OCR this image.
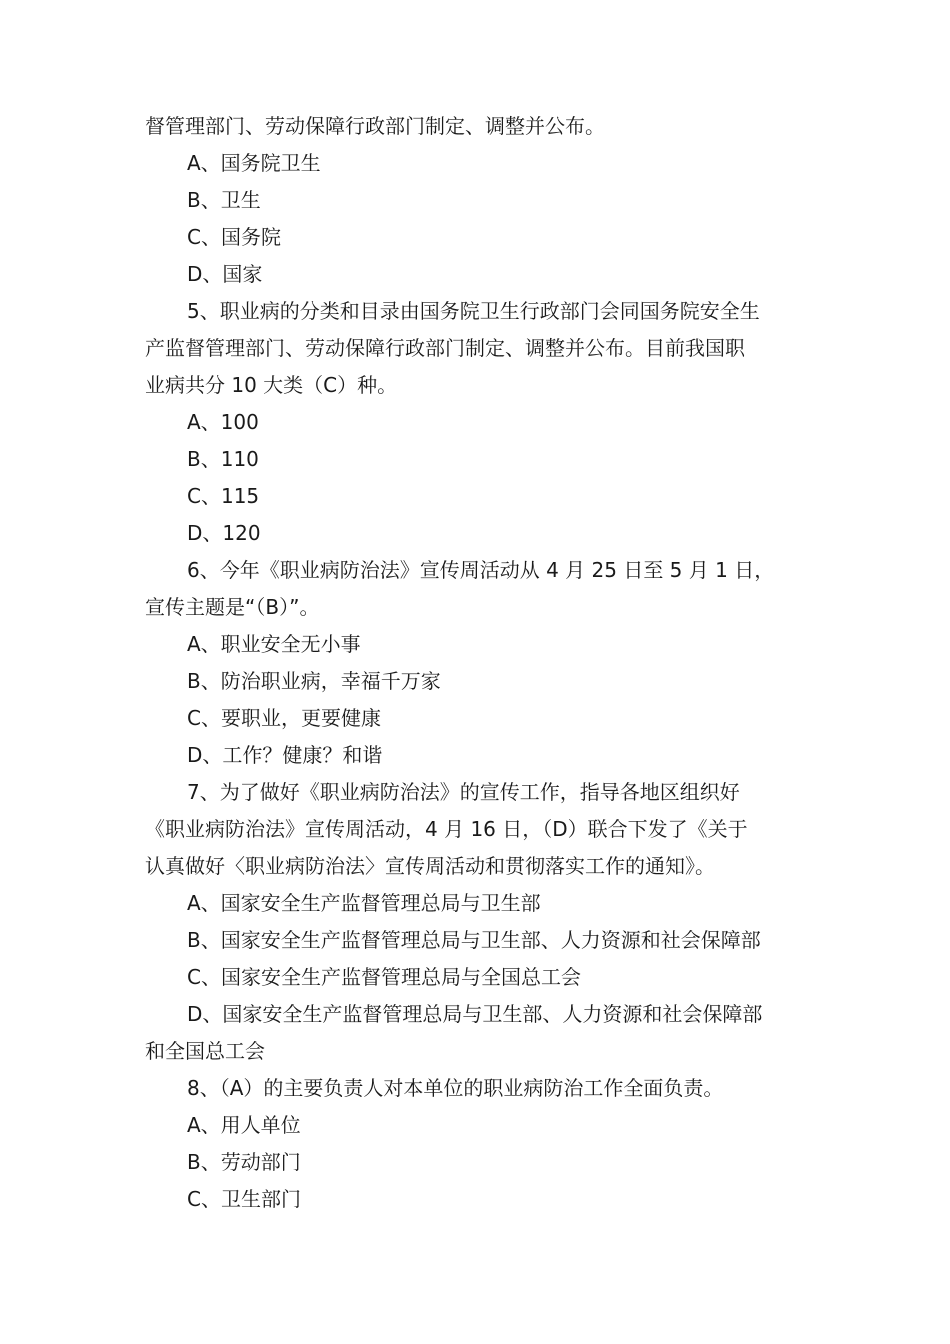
督管理部门、劳动保障行政部门制定、调整并公布。
A、国务院卫生
B、卫生
C、国务院
D、国家
5、职业病的分类和目录由国务院卫生行政部门会同国务院安全生
产监督管理部门、劳动保障行政部门制定、调整并公布。目前我国职
业病共分 10 大类（C）种。
A、100
B、110
C、115
D、120
6、今年《职业病防治法》宣传周活动从 4 月 25 日至 5 月 1 日，
宣传主题是“（B）”。
A、职业安全无小事
B、防治职业病，幸福千万家
C、要职业，更要健康
D、工作？健康？和谐
7、为了做好《职业病防治法》的宣传工作，指导各地区组织好
《职业病防治法》宣传周活动，4 月 16 日，（D）联合下发了《关于
认真做好〈职业病防治法〉宣传周活动和贯彻落实工作的通知》。
A、国家安全生产监督管理总局与卫生部
B、国家安全生产监督管理总局与卫生部、人力资源和社会保障部
C、国家安全生产监督管理总局与全国总工会
D、国家安全生产监督管理总局与卫生部、人力资源和社会保障部
和全国总工会
8、（A）的主要负责人对本单位的职业病防治工作全面负责。
A、用人单位
B、劳动部门
C、卫生部门
